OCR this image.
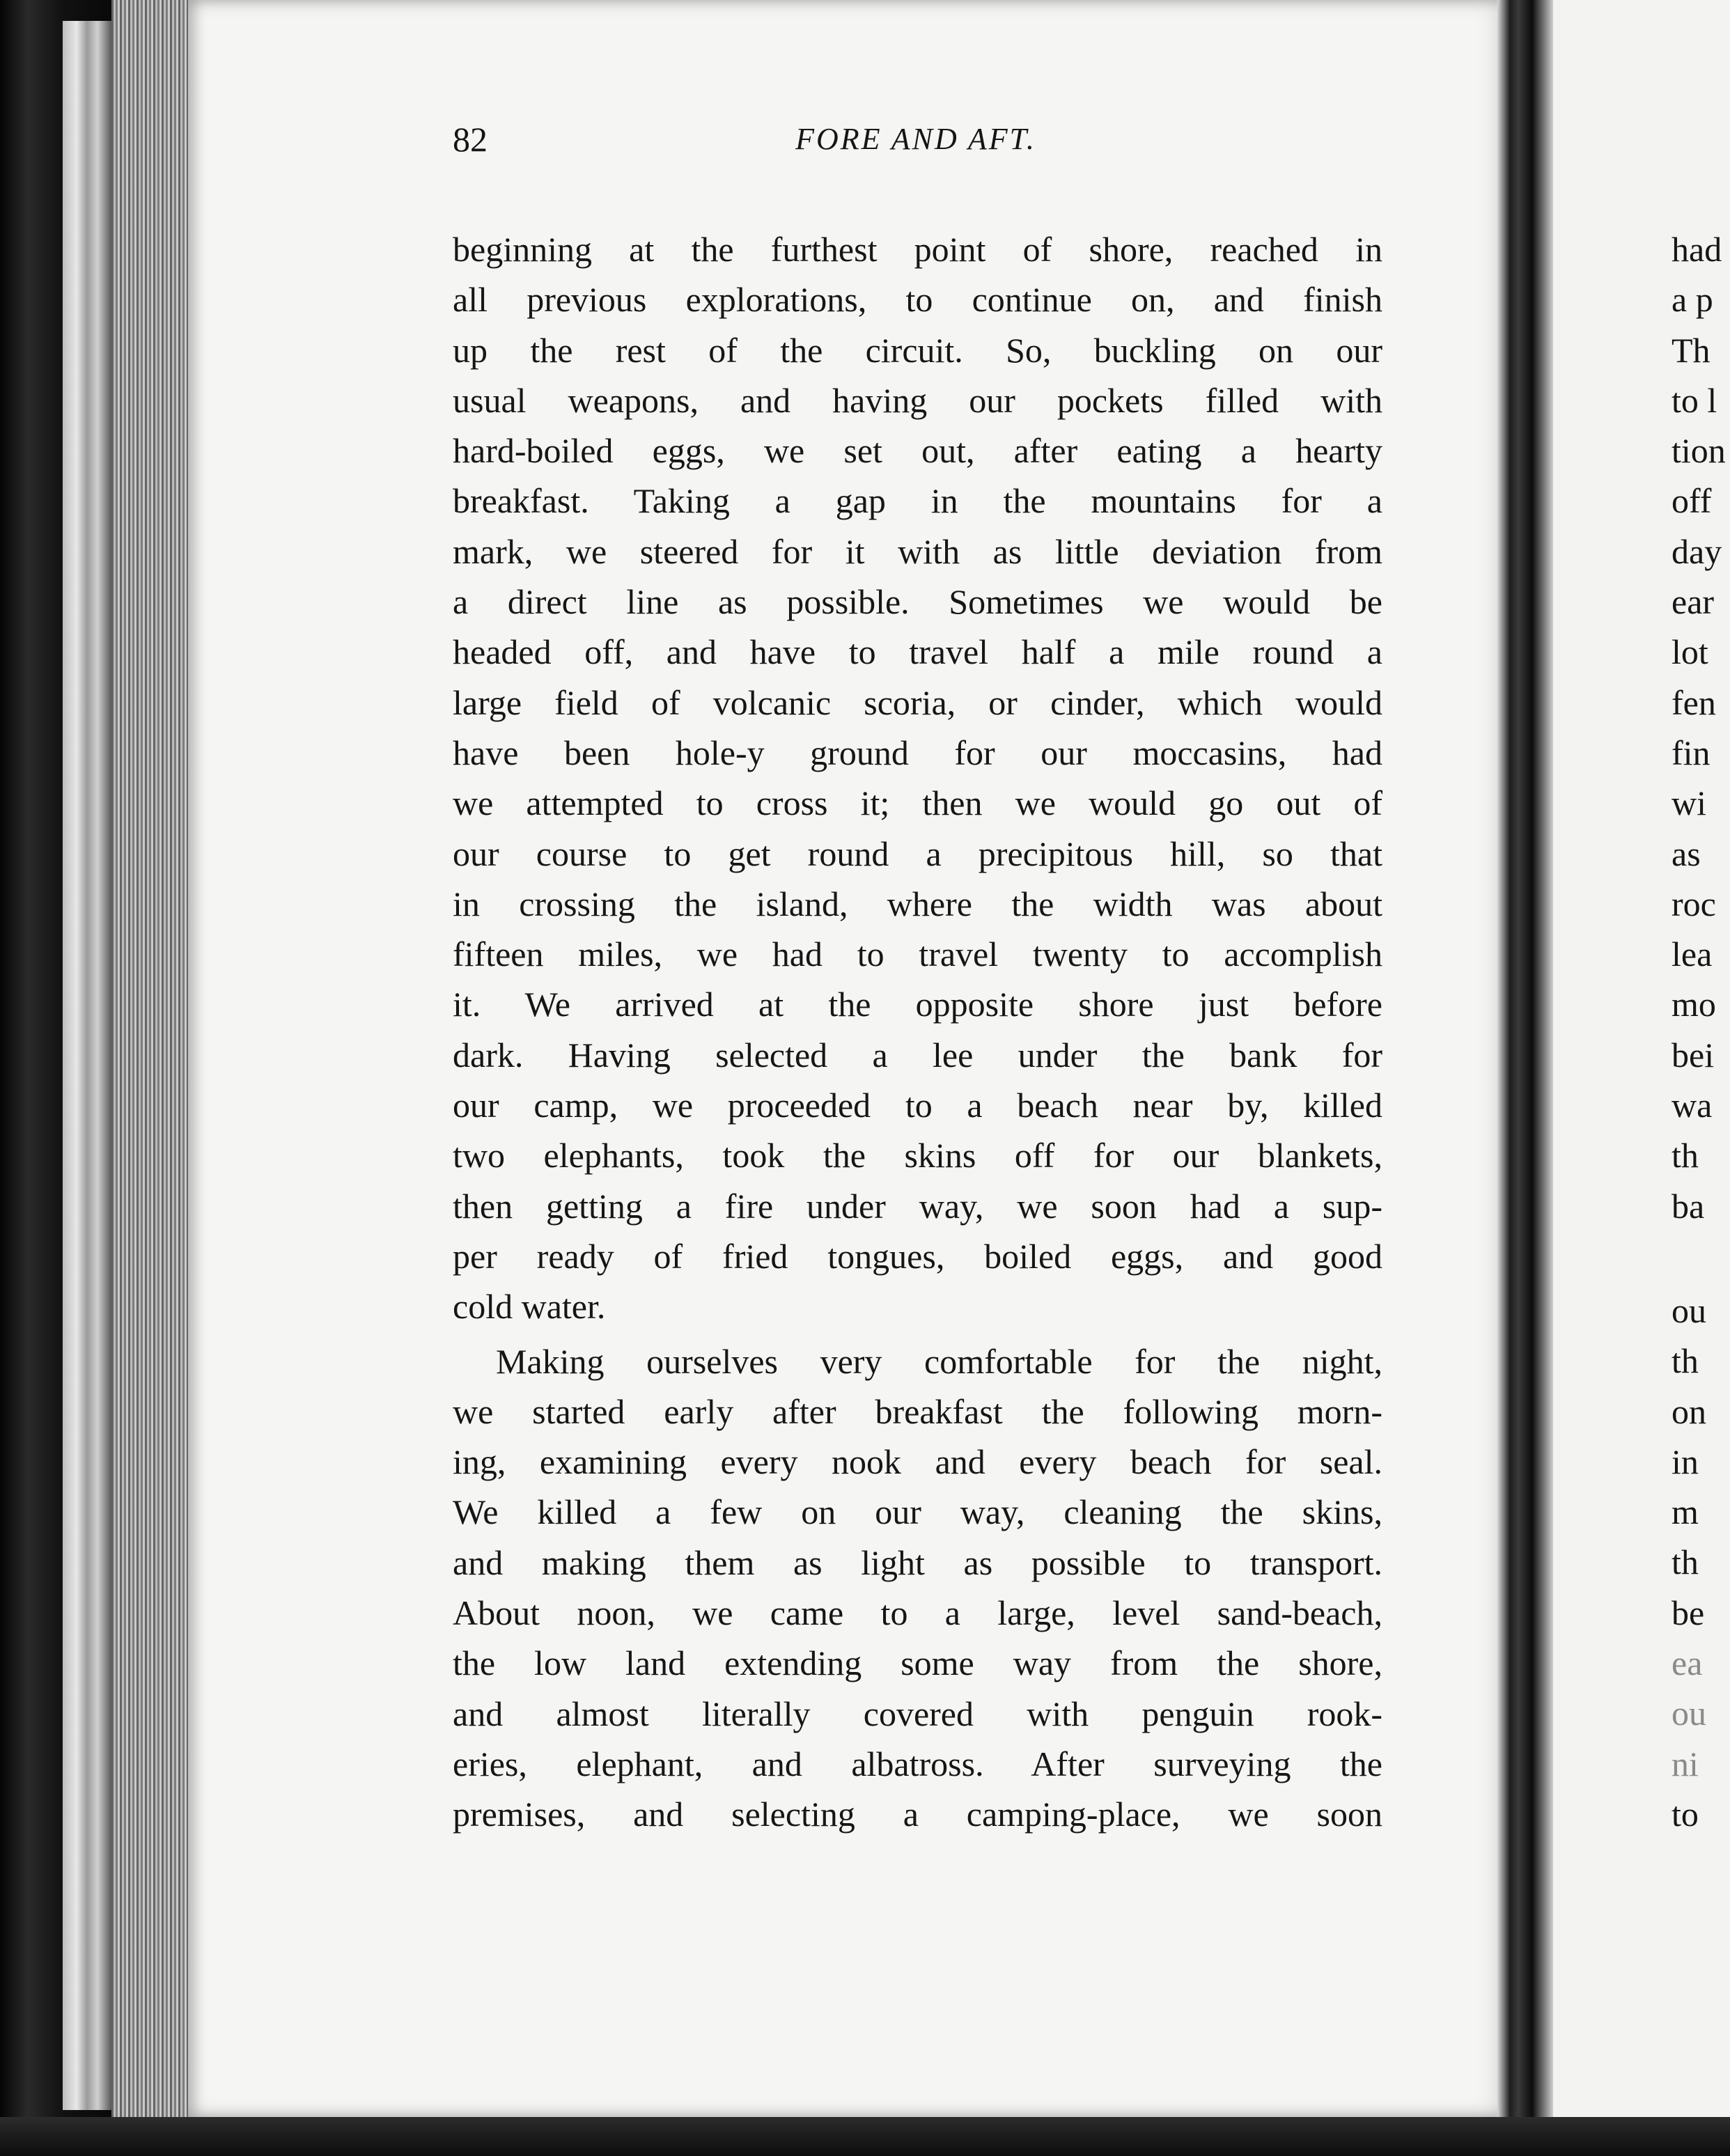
82	FORE AND AFT.
beginning at the furthest point of shore, reached in
all previous explorations, to continue on, and finish
up the rest of the circuit. So, buckling on our
usual weapons, and having our pockets filled with
hard-boiled eggs, we set out, after eating a hearty
breakfast. Taking a gap in the mountains for a
mark, we steered for it with as little deviation from
a direct line as possible. Sometimes we would be
headed off, and have to travel half a mile round a
large field of volcanic scoria, or cinder, which would
have been hole-y ground for our moccasins, had
we attempted to cross it; then we would go out of
our course to get round a precipitous hill, so that
in crossing the island, where the width was about
fifteen miles, we had to travel twenty to accomplish
it. We arrived at the opposite shore just before
dark. Having selected a lee under the bank for
our camp, we proceeded to a beach near by, killed
two elephants, took the skins off for our blankets,
then getting a fire under way, we soon had a sup-
per ready of fried tongues, boiled eggs, and good
cold water.
Making ourselves very comfortable for the night,
we started early after breakfast the following morn-
ing, examining every nook and every beach for seal.
We killed a few on our way, cleaning the skins,
and making them as light as possible to transport.
About noon, we came to a large, level sand-beach,
the low land extending some way from the shore,
and almost literally covered with penguin rook-
eries, elephant, and albatross. After surveying the
premises, and selecting a camping-place, we soon
had
a p
Th
to l
tion
off
day
ear
lot
fen
fin
wi
as
roc
lea
mo
bei
wa
th
ba
ou
th
on
in
m
th
be
ea
ou
ni
to
